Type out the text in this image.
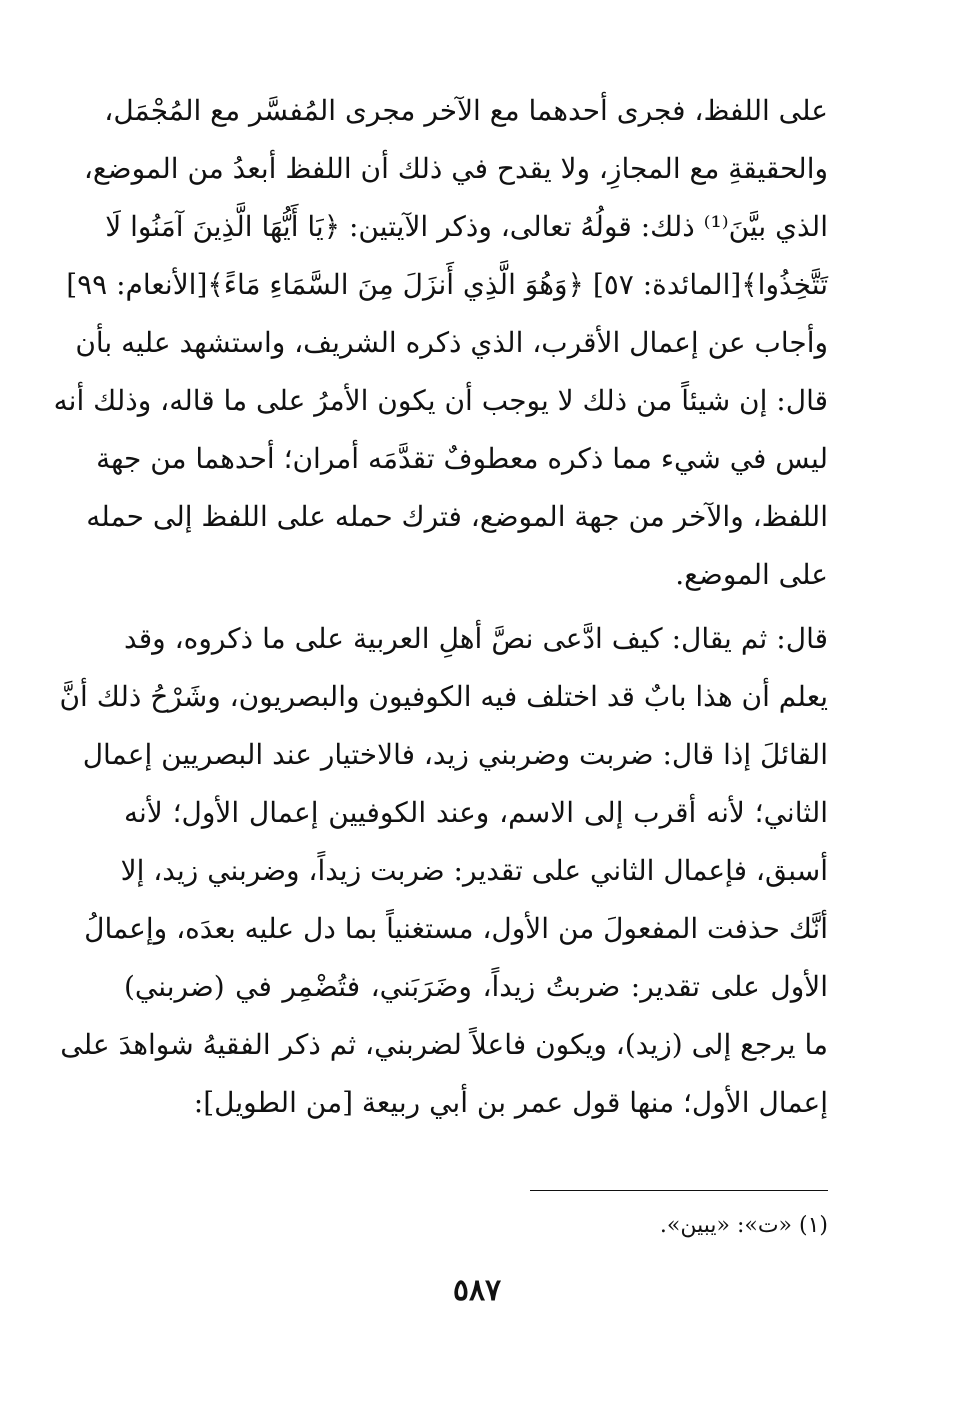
على اللفظ، فجرى أحدهما مع الآخر مجرى المُفسَّر مع المُجْمَل،
والحقيقةِ مع المجازِ، ولا يقدح في ذلك أن اللفظ أبعدُ من الموضع،
الذي بيَّنَ⁽¹⁾ ذلك: قولُهُ تعالى، وذكر الآيتين: ﴿يَا أَيُّهَا الَّذِينَ آمَنُوا لَا
تَتَّخِذُوا﴾[المائدة: ٥٧] ﴿وَهُوَ الَّذِي أَنزَلَ مِنَ السَّمَاءِ مَاءً﴾[الأنعام: ٩٩]
وأجاب عن إعمال الأقرب، الذي ذكره الشريف، واستشهد عليه بأن
قال: إن شيئاً من ذلك لا يوجب أن يكون الأمرُ على ما قاله، وذلك أنه
ليس في شيء مما ذكره معطوفٌ تقدَّمَه أمران؛ أحدهما من جهة
اللفظ، والآخر من جهة الموضع، فترك حمله على اللفظ إلى حمله
على الموضع.
قال: ثم يقال: كيف ادَّعى نصَّ أهلِ العربية على ما ذكروه، وقد
يعلم أن هذا بابٌ قد اختلف فيه الكوفيون والبصريون، وشَرْحُ ذلك أنَّ
القائلَ إذا قال: ضربت وضربني زيد، فالاختيار عند البصريين إعمال
الثاني؛ لأنه أقرب إلى الاسم، وعند الكوفيين إعمال الأول؛ لأنه
أسبق، فإعمال الثاني على تقدير: ضربت زيداً، وضربني زيد، إلا
أنَّك حذفت المفعولَ من الأول، مستغنياً بما دل عليه بعدَه، وإعمالُ
الأول على تقدير: ضربتُ زيداً، وضَرَبَني، فتُضْمِر في (ضربني)
ما يرجع إلى (زيد)، ويكون فاعلاً لضربني، ثم ذكر الفقيهُ شواهدَ على
إعمال الأول؛ منها قول عمر بن أبي ربيعة [من الطويل]:
(١) «ت»: «يبين».
٥٨٧
